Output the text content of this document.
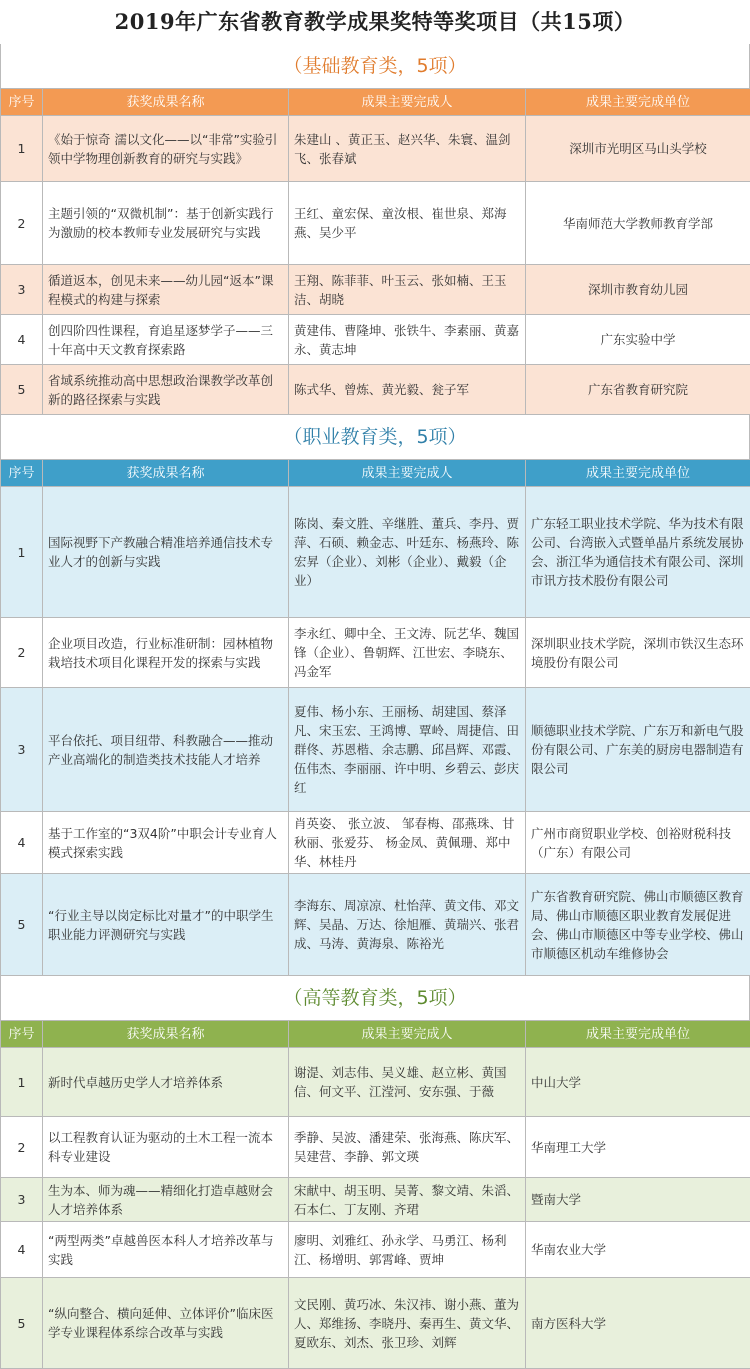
2019年广东省教育教学成果奖特等奖项目（共15项）
（基础教育类，5项）
序号	获奖成果名称	成果主要完成人	成果主要完成单位
1	《始于惊奇 濡以文化——以“非常”实验引领中学物理创新教育的研究与实践》	朱建山 、黄正玉、赵兴华、朱寰、温剑飞、张春斌	深圳市光明区马山头学校
2	主题引领的“双微机制”：基于创新实践行为激励的校本教师专业发展研究与实践	王红、童宏保、童汝根、崔世泉、郑海燕、吴少平	华南师范大学教师教育学部
3	循道返本，创见未来——幼儿园“返本”课程模式的构建与探索	王翔、陈菲菲、叶玉云、张如楠、王玉洁、胡晓	深圳市教育幼儿园
4	创四阶四性课程，育追星逐梦学子——三十年高中天文教育探索路	黄建伟、曹隆坤、张铁牛、李素丽、黄嘉永、黄志坤	广东实验中学
5	省域系统推动高中思想政治课教学改革创新的路径探索与实践	陈式华、曾炼、黄光毅、瓮子军	广东省教育研究院
（职业教育类，5项）
序号	获奖成果名称	成果主要完成人	成果主要完成单位
1	国际视野下产教融合精准培养通信技术专业人才的创新与实践	陈岗、秦文胜、辛继胜、董兵、李丹、贾萍、石硕、赖金志、叶廷东、杨燕玲、陈宏昇（企业）、刘彬（企业）、戴毅（企业）	广东轻工职业技术学院、华为技术有限公司、台湾嵌入式暨单晶片系统发展协会、浙江华为通信技术有限公司、深圳市讯方技术股份有限公司
2	企业项目改造，行业标准研制：园林植物栽培技术项目化课程开发的探索与实践	李永红、卿中全、王文涛、阮艺华、魏国锋（企业）、鲁朝辉、江世宏、李晓东、冯金军	深圳职业技术学院，深圳市铁汉生态环境股份有限公司
3	平台依托、项目纽带、科教融合——推动产业高端化的制造类技术技能人才培养	夏伟、杨小东、王丽杨、胡建国、蔡泽凡、宋玉宏、王鸿博、覃岭、周捷信、田群佟、苏恩楷、余志鹏、邱昌辉、邓霞、伍伟杰、李丽丽、许中明、乡碧云、彭庆红	顺德职业技术学院、广东万和新电气股份有限公司、广东美的厨房电器制造有限公司
4	基于工作室的“3双4阶”中职会计专业育人模式探索实践	肖英姿、 张立波、 邹春梅、邵燕珠、甘秋丽、张爱芬、 杨金凤、黄佩珊、郑中华、林桂丹	广州市商贸职业学校、创裕财税科技（广东）有限公司
5	“行业主导以岗定标比对量才”的中职学生职业能力评测研究与实践	李海东、周凉凉、杜怡萍、黄文伟、邓文辉、吴晶、万达、徐旭雁、黄瑞兴、张君成、马涛、黄海泉、陈裕光	广东省教育研究院、佛山市顺德区教育局、佛山市顺德区职业教育发展促进会、佛山市顺德区中等专业学校、佛山市顺德区机动车维修协会
（高等教育类，5项）
序号	获奖成果名称	成果主要完成人	成果主要完成单位
1	新时代卓越历史学人才培养体系	谢湜、刘志伟、吴义雄、赵立彬、黄国信、何文平、江滢河、安东强、于薇	中山大学
2	以工程教育认证为驱动的土木工程一流本科专业建设	季静、吴波、潘建荣、张海燕、陈庆军、吴建营、李静、郭文瑛	华南理工大学
3	生为本、师为魂——精细化打造卓越财会人才培养体系	宋献中、胡玉明、吴菁、黎文靖、朱滔、石本仁、丁友刚、齐珺	暨南大学
4	“两型两类”卓越兽医本科人才培养改革与实践	廖明、刘雅红、孙永学、马勇江、杨利江、杨增明、郭霄峰、贾坤	华南农业大学
5	“纵向整合、横向延伸、立体评价”临床医学专业课程体系综合改革与实践	文民刚、黄巧冰、朱汉祎、谢小燕、董为人、郑维扬、李晓丹、秦再生、黄文华、夏欧东、刘杰、张卫珍、刘辉	南方医科大学
